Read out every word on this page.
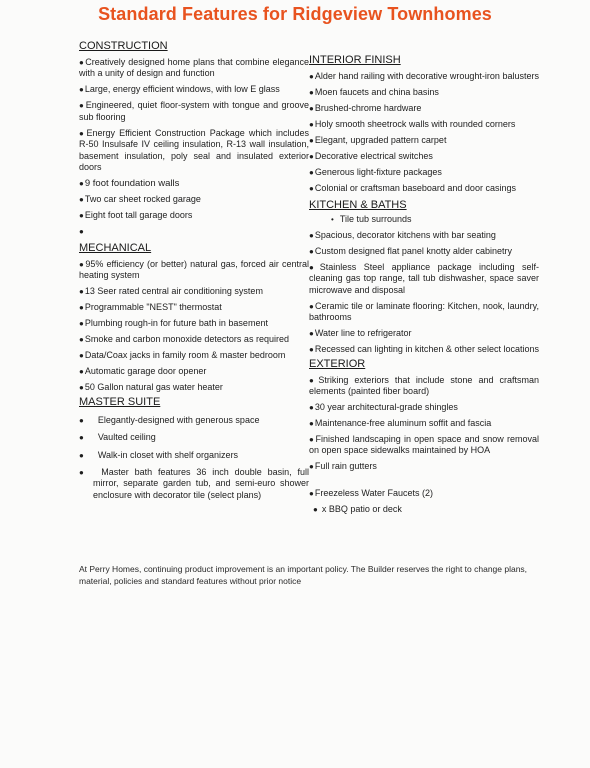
Standard Features for Ridgeview Townhomes
CONSTRUCTION
●Creatively designed home plans that combine elegance with a unity of design and function
●Large, energy efficient windows, with low E glass
●Engineered, quiet floor-system with tongue and groove sub flooring
●Energy Efficient Construction Package which includes R-50 Insulsafe IV ceiling insulation, R-13 wall insulation, basement insulation, poly seal and insulated exterior doors
●9 foot foundation walls
●Two car sheet rocked garage
●Eight foot tall garage doors
●
MECHANICAL
●95% efficiency (or better) natural gas, forced air central heating system
●13 Seer rated central air conditioning system
●Programmable "NEST" thermostat
●Plumbing rough-in for future bath in basement
●Smoke and carbon monoxide detectors as required
●Data/Coax jacks in family room & master bedroom
●Automatic garage door opener
●50 Gallon natural gas water heater
MASTER SUITE
● Elegantly-designed with generous space
● Vaulted ceiling
● Walk-in closet with shelf organizers
● Master bath features 36 inch double basin, full mirror, separate garden tub, and semi-euro shower enclosure with decorator tile (select plans)
INTERIOR FINISH
●Alder hand railing with decorative wrought-iron balusters
●Moen faucets and china basins
●Brushed-chrome hardware
●Holy smooth sheetrock walls with rounded corners
●Elegant, upgraded pattern carpet
●Decorative electrical switches
●Generous light-fixture packages
●Colonial or craftsman baseboard and door casings
KITCHEN & BATHS
• Tile tub surrounds
●Spacious, decorator kitchens with bar seating
●Custom designed flat panel knotty alder cabinetry
●Stainless Steel appliance package including self-cleaning gas top range, tall tub dishwasher, space saver microwave and disposal
●Ceramic tile or laminate flooring: Kitchen, nook, laundry, bathrooms
●Water line to refrigerator
●Recessed can lighting in kitchen & other select locations
EXTERIOR
●Striking exteriors that include stone and craftsman elements (painted fiber board)
●30 year architectural-grade shingles
●Maintenance-free aluminum soffit and fascia
●Finished landscaping in open space and snow removal on open space sidewalks maintained by HOA
●Full rain gutters
●Freezeless Water Faucets (2)
● x BBQ patio or deck
At Perry Homes, continuing product improvement is an important policy. The Builder reserves the right to change plans, material, policies and standard features without prior notice
